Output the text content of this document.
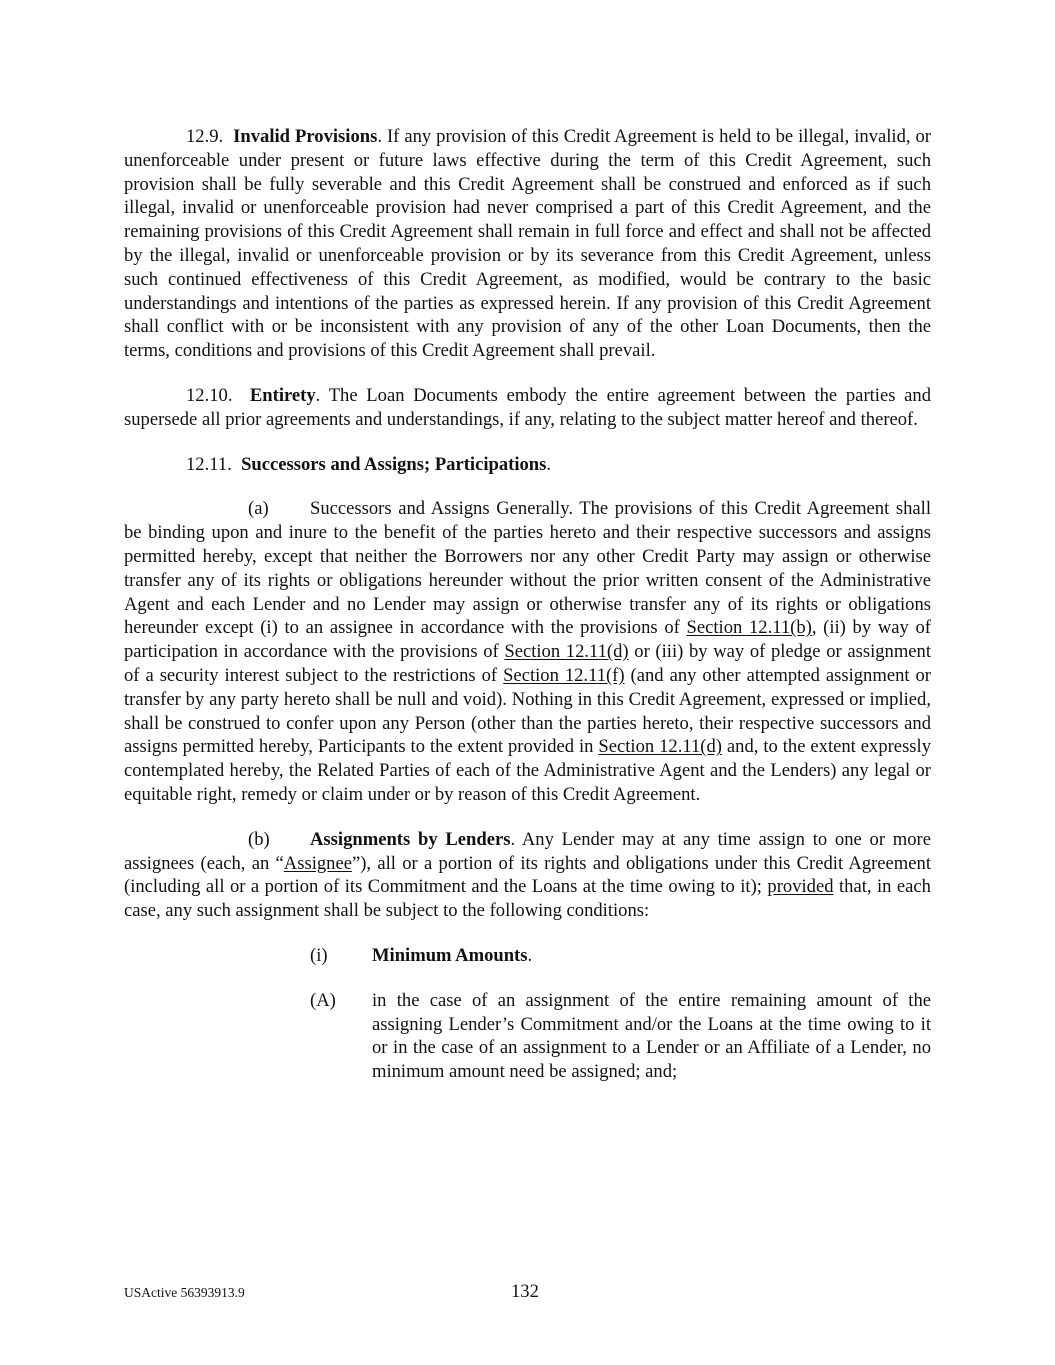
12.9. Invalid Provisions. If any provision of this Credit Agreement is held to be illegal, invalid, or unenforceable under present or future laws effective during the term of this Credit Agreement, such provision shall be fully severable and this Credit Agreement shall be construed and enforced as if such illegal, invalid or unenforceable provision had never comprised a part of this Credit Agreement, and the remaining provisions of this Credit Agreement shall remain in full force and effect and shall not be affected by the illegal, invalid or unenforceable provision or by its severance from this Credit Agreement, unless such continued effectiveness of this Credit Agreement, as modified, would be contrary to the basic understandings and intentions of the parties as expressed herein. If any provision of this Credit Agreement shall conflict with or be inconsistent with any provision of any of the other Loan Documents, then the terms, conditions and provisions of this Credit Agreement shall prevail.

12.10. Entirety. The Loan Documents embody the entire agreement between the parties and supersede all prior agreements and understandings, if any, relating to the subject matter hereof and thereof.

12.11. Successors and Assigns; Participations.

(a) Successors and Assigns Generally. The provisions of this Credit Agreement shall be binding upon and inure to the benefit of the parties hereto and their respective successors and assigns permitted hereby, except that neither the Borrowers nor any other Credit Party may assign or otherwise transfer any of its rights or obligations hereunder without the prior written consent of the Administrative Agent and each Lender and no Lender may assign or otherwise transfer any of its rights or obligations hereunder except (i) to an assignee in accordance with the provisions of Section 12.11(b), (ii) by way of participation in accordance with the provisions of Section 12.11(d) or (iii) by way of pledge or assignment of a security interest subject to the restrictions of Section 12.11(f) (and any other attempted assignment or transfer by any party hereto shall be null and void). Nothing in this Credit Agreement, expressed or implied, shall be construed to confer upon any Person (other than the parties hereto, their respective successors and assigns permitted hereby, Participants to the extent provided in Section 12.11(d) and, to the extent expressly contemplated hereby, the Related Parties of each of the Administrative Agent and the Lenders) any legal or equitable right, remedy or claim under or by reason of this Credit Agreement.

(b) Assignments by Lenders. Any Lender may at any time assign to one or more assignees (each, an “Assignee”), all or a portion of its rights and obligations under this Credit Agreement (including all or a portion of its Commitment and the Loans at the time owing to it); provided that, in each case, any such assignment shall be subject to the following conditions:

(i)	Minimum Amounts.
(A)	in the case of an assignment of the entire remaining amount of the assigning Lender’s Commitment and/or the Loans at the time owing to it or in the case of an assignment to a Lender or an Affiliate of a Lender, no minimum amount need be assigned; and;
USActive 56393913.9	132
